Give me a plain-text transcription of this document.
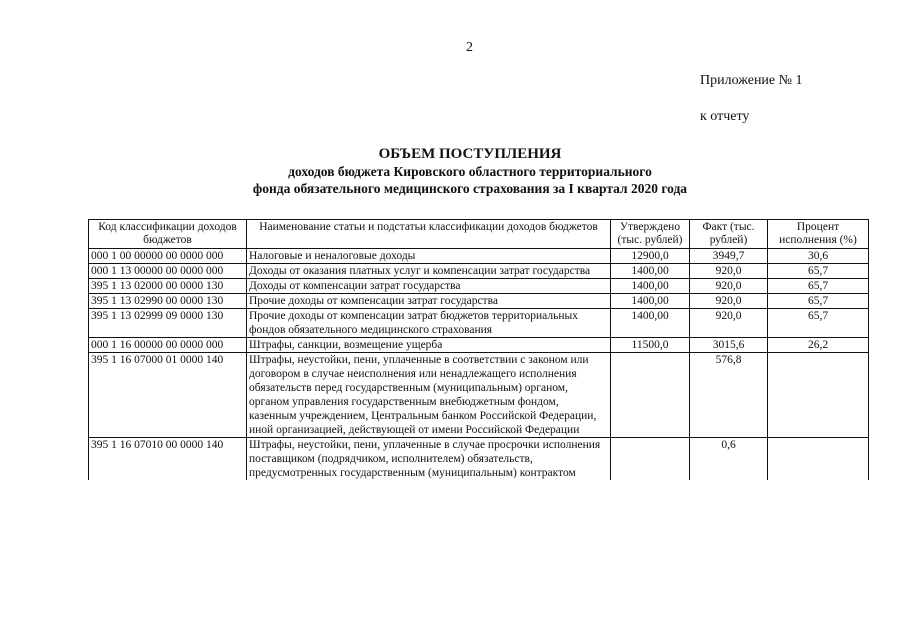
2
Приложение № 1
к отчету
ОБЪЕМ ПОСТУПЛЕНИЯ
доходов бюджета Кировского областного территориального
фонда обязательного медицинского страхования за I квартал 2020 года
Код классификации доходов бюджетов	Наименование статьи и подстатьи классификации доходов бюджетов	Утверждено (тыс. рублей)	Факт (тыс. рублей)	Процент исполнения (%)
000 1 00 00000 00 0000 000	Налоговые и неналоговые доходы	12900,0	3949,7	30,6
000 1 13 00000 00 0000 000	Доходы от оказания платных услуг и компенсации затрат государства	1400,00	920,0	65,7
395 1 13 02000 00 0000 130	Доходы от компенсации затрат государства	1400,00	920,0	65,7
395 1 13 02990 00 0000 130	Прочие доходы от компенсации затрат государства	1400,00	920,0	65,7
395 1 13 02999 09 0000 130	Прочие доходы от компенсации затрат бюджетов территориальных фондов обязательного медицинского страхования	1400,00	920,0	65,7
000 1 16 00000 00 0000 000	Штрафы, санкции, возмещение ущерба	11500,0	3015,6	26,2
395 1 16 07000 01 0000 140	Штрафы, неустойки, пени, уплаченные в соответствии с законом или договором в случае неисполнения или ненадлежащего исполнения обязательств перед государственным (муниципальным) органом, органом управления государственным внебюджетным фондом, казенным учреждением, Центральным банком Российской Федерации, иной организацией, действующей от имени Российской Федерации		576,8	
395 1 16 07010 00 0000 140	Штрафы, неустойки, пени, уплаченные в случае просрочки исполнения поставщиком (подрядчиком, исполнителем) обязательств, предусмотренных государственным (муниципальным) контрактом		0,6	
